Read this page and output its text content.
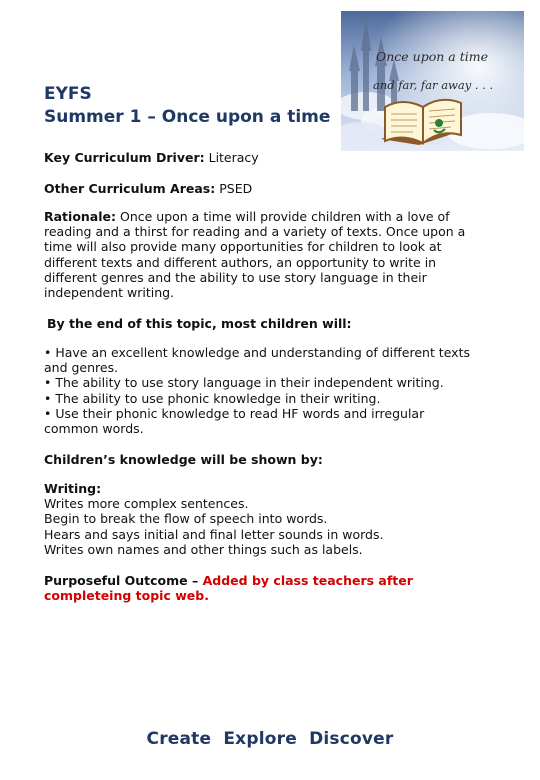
EYFS
Summer 1 – Once upon a time
Once upon a time
and far, far away . . .
Key Curriculum Driver: Literacy
Other Curriculum Areas: PSED
Rationale: Once upon a time will provide children with a love of
reading and a thirst for reading and a variety of texts. Once upon a
time will also provide many opportunities for children to look at
different texts and different authors, an opportunity to write in
different genres and the ability to use story language in their
independent writing.
By the end of this topic, most children will:
• Have an excellent knowledge and understanding of different texts
and genres.
• The ability to use story language in their independent writing.
• The ability to use phonic knowledge in their writing.
• Use their phonic knowledge to read HF words and irregular
common words.
Children’s knowledge will be shown by:
Writing:
Writes more complex sentences.
Begin to break the flow of speech into words.
Hears and says initial and final letter sounds in words.
Writes own names and other things such as labels.
Purposeful Outcome – Added by class teachers after
completeing topic web.
Create Explore Discover
